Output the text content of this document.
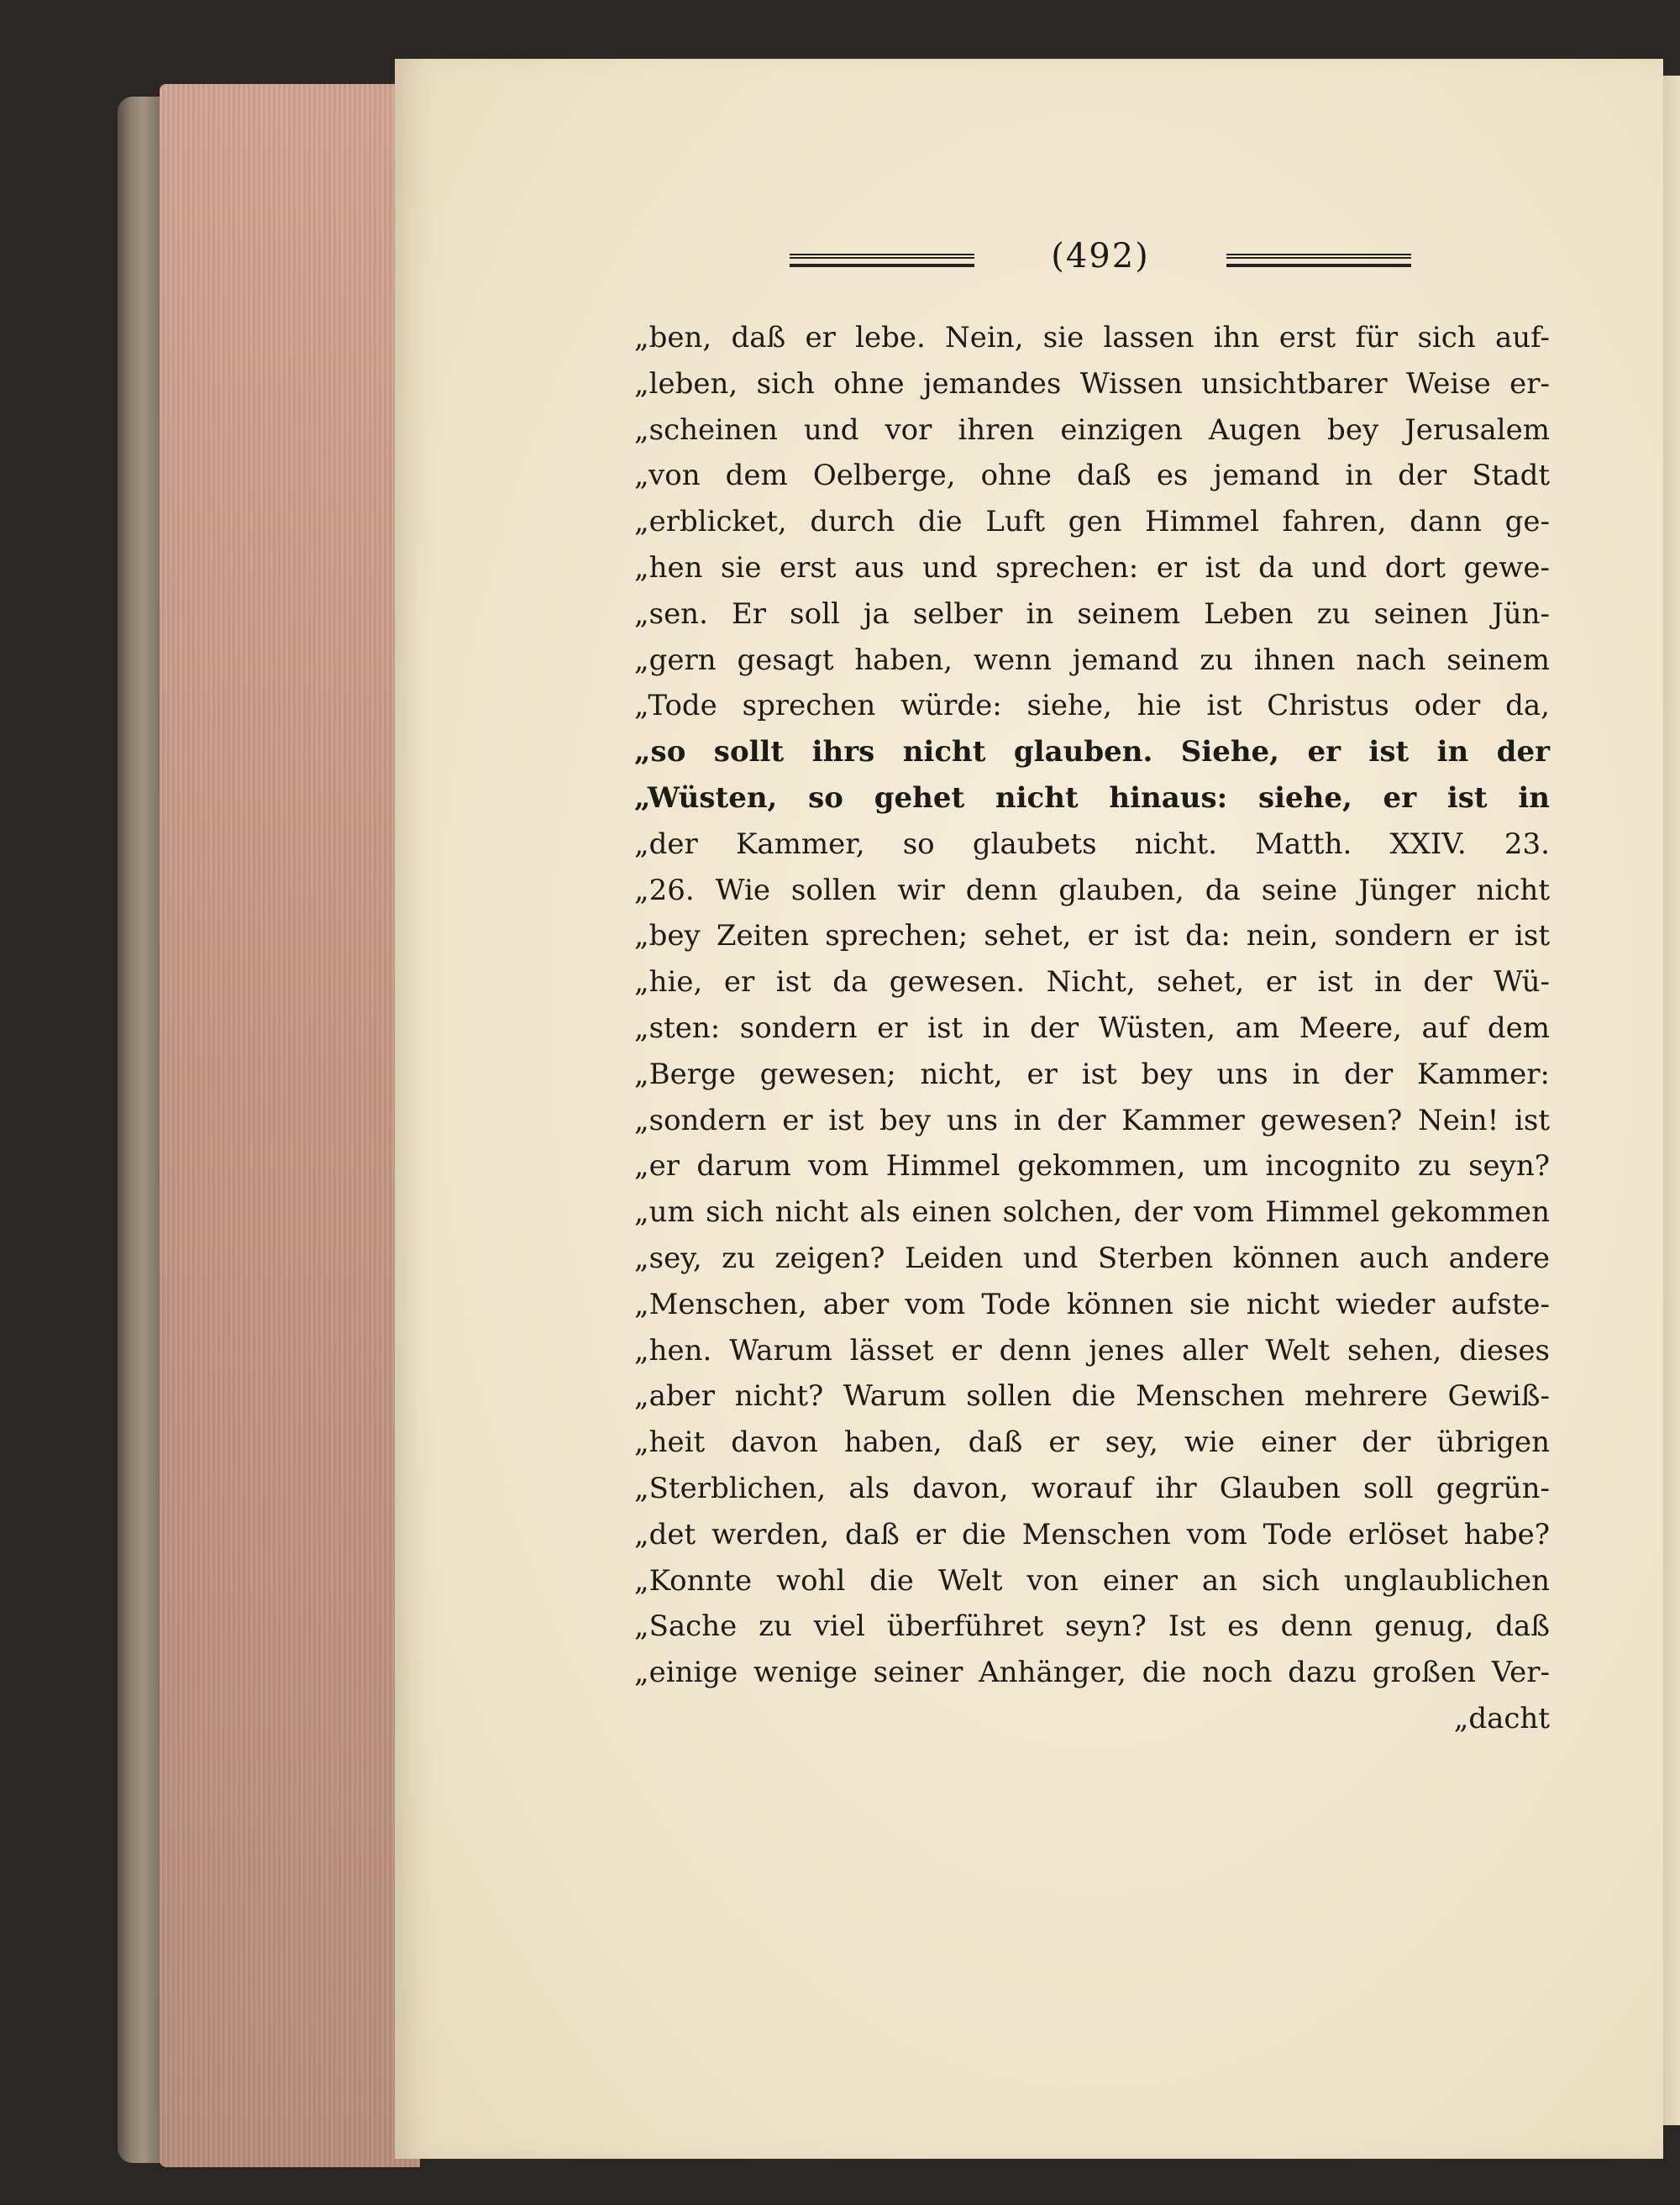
(492)
„ben, daß er lebe. Nein, sie lassen ihn erst für sich auf-
„leben, sich ohne jemandes Wissen unsichtbarer Weise er-
„scheinen und vor ihren einzigen Augen bey Jerusalem
„von dem Oelberge, ohne daß es jemand in der Stadt
„erblicket, durch die Luft gen Himmel fahren, dann ge-
„hen sie erst aus und sprechen: er ist da und dort gewe-
„sen. Er soll ja selber in seinem Leben zu seinen Jün-
„gern gesagt haben, wenn jemand zu ihnen nach seinem
„Tode sprechen würde: siehe, hie ist Christus oder da,
„so sollt ihrs nicht glauben. Siehe, er ist in der
„Wüsten, so gehet nicht hinaus: siehe, er ist in
„der Kammer, so glaubets nicht. Matth. XXIV. 23.
„26. Wie sollen wir denn glauben, da seine Jünger nicht
„bey Zeiten sprechen; sehet, er ist da: nein, sondern er ist
„hie, er ist da gewesen. Nicht, sehet, er ist in der Wü-
„sten: sondern er ist in der Wüsten, am Meere, auf dem
„Berge gewesen; nicht, er ist bey uns in der Kammer:
„sondern er ist bey uns in der Kammer gewesen? Nein! ist
„er darum vom Himmel gekommen, um incognito zu seyn?
„um sich nicht als einen solchen, der vom Himmel gekommen
„sey, zu zeigen? Leiden und Sterben können auch andere
„Menschen, aber vom Tode können sie nicht wieder aufste-
„hen. Warum lässet er denn jenes aller Welt sehen, dieses
„aber nicht? Warum sollen die Menschen mehrere Gewiß-
„heit davon haben, daß er sey, wie einer der übrigen
„Sterblichen, als davon, worauf ihr Glauben soll gegrün-
„det werden, daß er die Menschen vom Tode erlöset habe?
„Konnte wohl die Welt von einer an sich unglaublichen
„Sache zu viel überführet seyn? Ist es denn genug, daß
„einige wenige seiner Anhänger, die noch dazu großen Ver-
„dacht
